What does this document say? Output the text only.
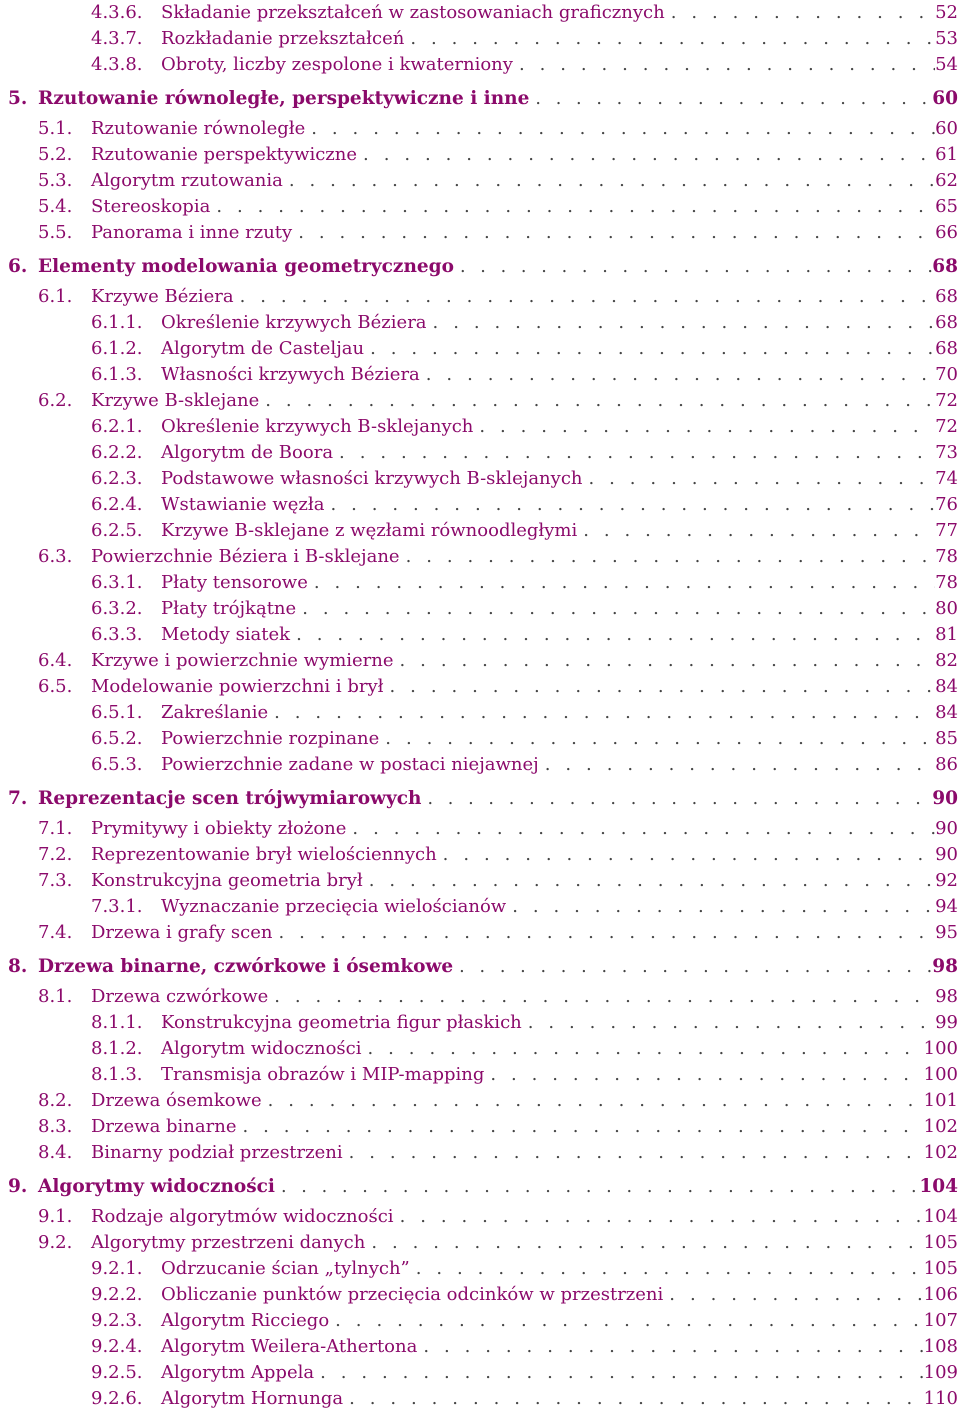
4.3.6.	Składanie przekształceń w zastosowaniach graficznych . . .	52
4.3.7.	Rozkładanie przekształceń . . .	53
4.3.8.	Obroty, liczby zespolone i kwaterniony . . .	54
5. Rzutowanie równoległe, perspektywiczne i inne . . .	60
5.1.	Rzutowanie równoległe . . .	60
5.2.	Rzutowanie perspektywiczne . . .	61
5.3.	Algorytm rzutowania . . .	62
5.4.	Stereoskopia . . .	65
5.5.	Panorama i inne rzuty . . .	66
6. Elementy modelowania geometrycznego . . .	68
6.1.	Krzywe Béziera . . .	68
6.1.1.	Określenie krzywych Béziera . . .	68
6.1.2.	Algorytm de Casteljau . . .	68
6.1.3.	Własności krzywych Béziera . . .	70
6.2.	Krzywe B-sklejane . . .	72
6.2.1.	Określenie krzywych B-sklejanych . . .	72
6.2.2.	Algorytm de Boora . . .	73
6.2.3.	Podstawowe własności krzywych B-sklejanych . . .	74
6.2.4.	Wstawianie węzła . . .	76
6.2.5.	Krzywe B-sklejane z węzłami równoodległymi . . .	77
6.3.	Powierzchnie Béziera i B-sklejane . . .	78
6.3.1.	Płaty tensorowe . . .	78
6.3.2.	Płaty trójkątne . . .	80
6.3.3.	Metody siatek . . .	81
6.4.	Krzywe i powierzchnie wymierne . . .	82
6.5.	Modelowanie powierzchni i brył . . .	84
6.5.1.	Zakreślanie . . .	84
6.5.2.	Powierzchnie rozpinane . . .	85
6.5.3.	Powierzchnie zadane w postaci niejawnej . . .	86
7. Reprezentacje scen trójwymiarowych . . .	90
7.1.	Prymitywy i obiekty złożone . . .	90
7.2.	Reprezentowanie brył wielościennych . . .	90
7.3.	Konstrukcyjna geometria brył . . .	92
7.3.1.	Wyznaczanie przecięcia wielościanów . . .	94
7.4.	Drzewa i grafy scen . . .	95
8. Drzewa binarne, czwórkowe i ósemkowe . . .	98
8.1.	Drzewa czwórkowe . . .	98
8.1.1.	Konstrukcyjna geometria figur płaskich . . .	99
8.1.2.	Algorytm widoczności . . .	100
8.1.3.	Transmisja obrazów i MIP-mapping . . .	100
8.2.	Drzewa ósemkowe . . .	101
8.3.	Drzewa binarne . . .	102
8.4.	Binarny podział przestrzeni . . .	102
9. Algorytmy widoczności . . .	104
9.1.	Rodzaje algorytmów widoczności . . .	104
9.2.	Algorytmy przestrzeni danych . . .	105
9.2.1.	Odrzucanie ścian „tylnych” . . .	105
9.2.2.	Obliczanie punktów przecięcia odcinków w przestrzeni . . .	106
9.2.3.	Algorytm Ricciego . . .	107
9.2.4.	Algorytm Weilera-Athertona . . .	108
9.2.5.	Algorytm Appela . . .	109
9.2.6.	Algorytm Hornunga . . .	110
